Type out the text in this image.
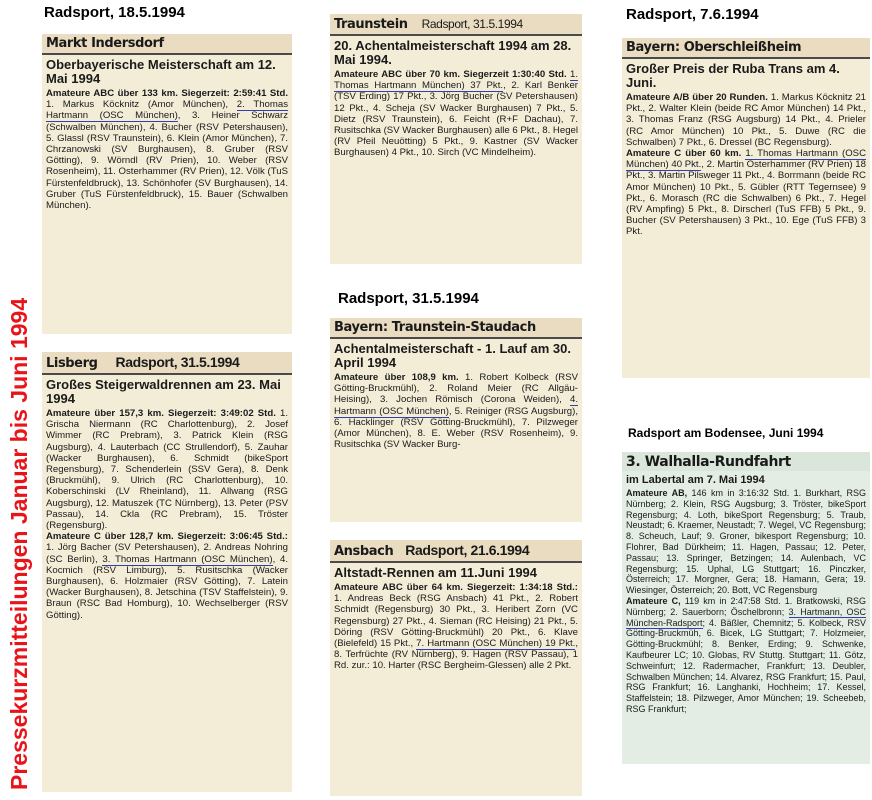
Pressekurzmitteilungen Januar bis Juni 1994
Radsport, 18.5.1994
Markt Indersdorf
Oberbayerische Meisterschaft am 12. Mai 1994
Amateure ABC über 133 km. Siegerzeit: 2:59:41 Std. 1. Markus Köcknitz (Amor München), 2. Thomas Hartmann (OSC München), 3. Heiner Schwarz (Schwalben München), 4. Bucher (RSV Petershausen), 5. Glassl (RSV Traunstein), 6. Klein (Amor München), 7. Chrzanowski (SV Burghausen), 8. Gruber (RSV Götting), 9. Wörndl (RV Prien), 10. Weber (RSV Rosenheim), 11. Osterhammer (RV Prien), 12. Völk (TuS Fürstenfeldbruck), 13. Schönhofer (SV Burghausen), 14. Gruber (TuS Fürstenfeldbruck), 15. Bauer (Schwalben München).
Lisberg Radsport, 31.5.1994
Großes Steigerwaldrennen am 23. Mai 1994
Amateure über 157,3 km. Siegerzeit: 3:49:02 Std. 1. Grischa Niermann (RC Charlottenburg), 2. Josef Wimmer (RC Prebram), 3. Patrick Klein (RSG Augsburg), 4. Lauterbach (CC Strullendorf), 5. Zauhar (Wacker Burghausen), 6. Schmidt (bikeSport Regensburg), 7. Schenderlein (SSV Gera), 8. Denk (Bruckmühl), 9. Ulrich (RC Charlottenburg), 10. Koberschinski (LV Rheinland), 11. Allwang (RSG Augsburg), 12. Matuszek (TC Nürnberg), 13. Peter (PSV Passau), 14. Ckla (RC Prebram), 15. Tröster (Regensburg).
Amateure C über 128,7 km. Siegerzeit: 3:06:45 Std.: 1. Jörg Bacher (SV Petershausen), 2. Andreas Nohring (SC Berlin), 3. Thomas Hartmann (OSC München), 4. Kocmich (RSV Limburg), 5. Rusitschka (Wacker Burghausen), 6. Holzmaier (RSV Götting), 7. Latein (Wacker Burghausen), 8. Jetschina (TSV Staffelstein), 9. Braun (RSC Bad Homburg), 10. Wechselberger (RSV Götting).
Traunstein Radsport, 31.5.1994
20. Achentalmeisterschaft 1994 am 28. Mai 1994.
Amateure ABC über 70 km. Siegerzeit 1:30:40 Std. 1. Thomas Hartmann München) 37 Pkt., 2. Karl Benker (TSV Erding) 17 Pkt., 3. Jörg Bucher (SV Petershausen) 12 Pkt., 4. Scheja (SV Wacker Burghausen) 7 Pkt., 5. Dietz (RSV Traunstein), 6. Feicht (R+F Dachau), 7. Rusitschka (SV Wacker Burghausen) alle 6 Pkt., 8. Hegel (RV Pfeil Neuötting) 5 Pkt., 9. Kastner (SV Wacker Burghausen) 4 Pkt., 10. Sirch (VC Mindelheim).
Radsport, 31.5.1994
Bayern: Traunstein-Staudach
Achentalmeisterschaft - 1. Lauf am 30. April 1994
Amateure über 108,9 km. 1. Robert Kolbeck (RSV Götting-Bruckmühl), 2. Roland Meier (RC Allgäu-Heising), 3. Jochen Römisch (Corona Weiden), 4. Hartmann (OSC München), 5. Reiniger (RSG Augsburg), 6. Hacklinger (RSV Götting-Bruckmühl), 7. Pilzweger (Amor München), 8. E. Weber (RSV Rosenheim), 9. Rusitschka (SV Wacker Burg-
Ansbach Radsport, 21.6.1994
Altstadt-Rennen am 11.Juni 1994
Amateure ABC über 64 km. Siegerzeit: 1:34:18 Std.: 1. Andreas Beck (RSG Ansbach) 41 Pkt., 2. Robert Schmidt (Regensburg) 30 Pkt., 3. Heribert Zorn (VC Regensburg) 27 Pkt., 4. Sieman (RC Heising) 21 Pkt., 5. Döring (RSV Götting-Bruckmühl) 20 Pkt., 6. Klave (Bielefeld) 15 Pkt., 7. Hartmann (OSC München) 19 Pkt., 8. Terfrüchte (RV Nürnberg), 9. Hagen (RSV Passau), 1 Rd. zur.: 10. Harter (RSC Bergheim-Glessen) alle 2 Pkt.
Radsport, 7.6.1994
Bayern: Oberschleißheim
Großer Preis der Ruba Trans am 4. Juni.
Amateure A/B über 20 Runden. 1. Markus Köcknitz 21 Pkt., 2. Walter Klein (beide RC Amor München) 14 Pkt., 3. Thomas Franz (RSG Augsburg) 14 Pkt., 4. Prieler (RC Amor München) 10 Pkt., 5. Duwe (RC die Schwalben) 7 Pkt., 6. Dressel (BC Regensburg).
Amateure C über 60 km. 1. Thomas Hartmann (OSC München) 40 Pkt., 2. Martin Osterhammer (RV Prien) 18 Pkt., 3. Martin Pilsweger 11 Pkt., 4. Borrmann (beide RC Amor München) 10 Pkt., 5. Gübler (RTT Tegernsee) 9 Pkt., 6. Morasch (RC die Schwalben) 6 Pkt., 7. Hegel (RV Ampfing) 5 Pkt., 8. Dirscherl (TuS FFB) 5 Pkt., 9. Bucher (SV Petershausen) 3 Pkt., 10. Ege (TuS FFB) 3 Pkt.
Radsport am Bodensee, Juni 1994
3. Walhalla-Rundfahrt
im Labertal am 7. Mai 1994
Amateure AB, 146 km in 3:16:32 Std. 1. Burkhart, RSG Nürnberg; 2. Klein, RSG Augsburg; 3. Tröster, bikeSport Regensburg; 4. Loth, bikeSport Regensburg; 5. Traub, Neustadt; 6. Kraemer, Neustadt; 7. Wegel, VC Regensburg; 8. Scheuch, Lauf; 9. Groner, bikesport Regensburg; 10. Flohrer, Bad Dürkheim; 11. Hagen, Passau; 12. Peter, Passau; 13. Springer, Betzingen; 14. Aulenbach, VC Regensburg; 15. Uphal, LG Stuttgart; 16. Pinczker, Österreich; 17. Morgner, Gera; 18. Hamann, Gera; 19. Wiesinger, Österreich; 20. Bott, VC Regensburg
Amateure C, 119 km in 2:47:58 Std. 1. Bratkowski, RSG Nürnberg; 2. Sauerborn; Öschelbronn; 3. Hartmann, OSC München-Radsport; 4. Bäßler, Chemnitz; 5. Kolbeck, RSV Götting-Bruckmüh, 6. Bicek, LG Stuttgart; 7. Holzmeier, Götting-Bruckmühl; 8. Benker, Erding; 9. Schwenke, Kaufbeurer LC; 10. Globas, RV Stuttg. Stuttgart; 11. Götz, Schweinfurt; 12. Radermacher, Frankfurt; 13. Deubler, Schwalben München; 14. Alvarez, RSG Frankfurt; 15. Paul, RSG Frankfurt; 16. Langhanki, Hochheim; 17. Kessel, Staffelstein; 18. Pilzweger, Amor München; 19. Scheebeb, RSG Frankfurt;
